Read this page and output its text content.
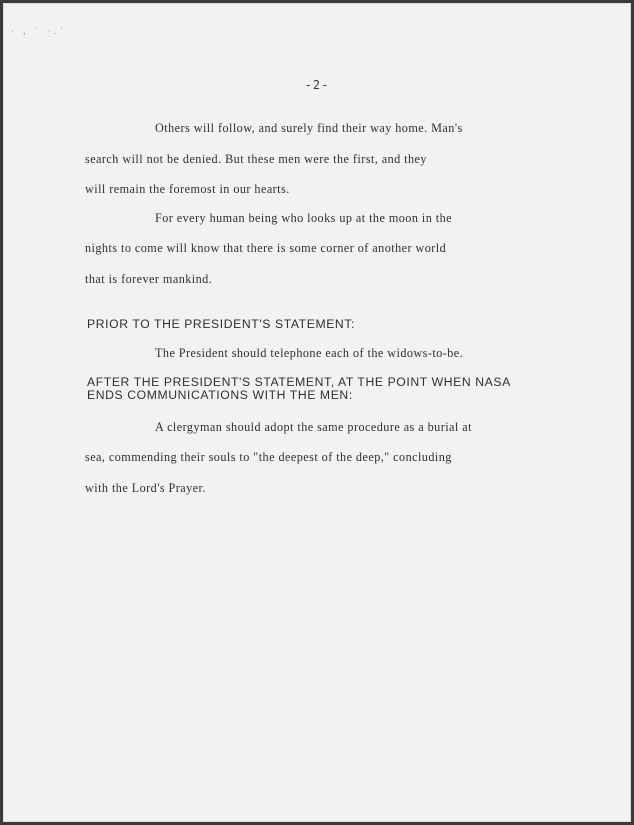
· ‚ ˙ ·.˙
-2-
Others will follow, and surely find their way home. Man's
search will not be denied. But these men were the first, and they
will remain the foremost in our hearts.
For every human being who looks up at the moon in the
nights to come will know that there is some corner of another world
that is forever mankind.
PRIOR TO THE PRESIDENT'S STATEMENT:
The President should telephone each of the widows-to-be.
AFTER THE PRESIDENT'S STATEMENT, AT THE POINT WHEN NASA
ENDS COMMUNICATIONS WITH THE MEN:
A clergyman should adopt the same procedure as a burial at
sea, commending their souls to "the deepest of the deep," concluding
with the Lord's Prayer.
